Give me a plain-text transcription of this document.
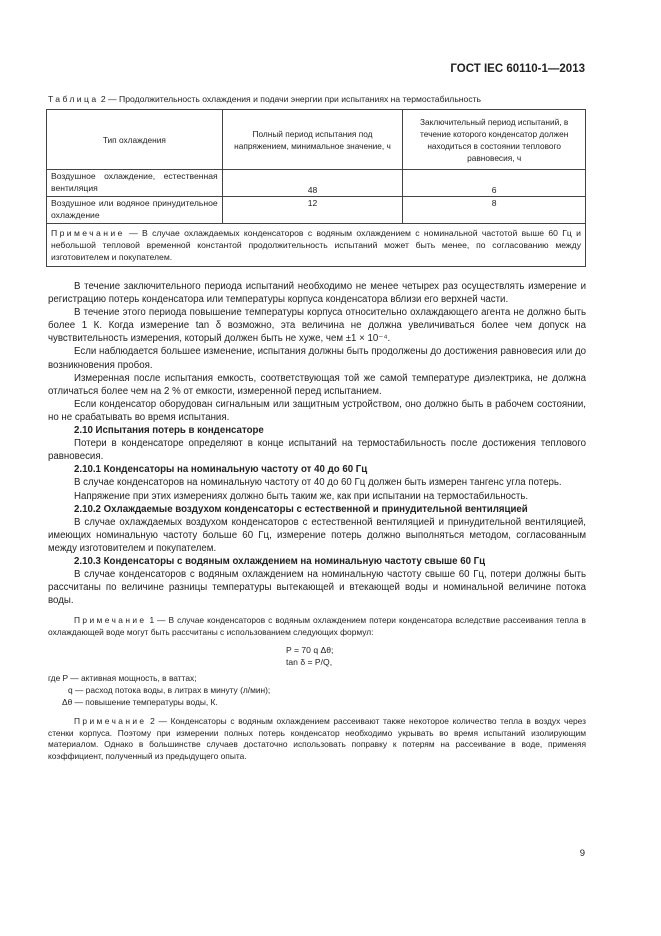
ГОСТ IEC 60110-1—2013
Таблица 2 — Продолжительность охлаждения и подачи энергии при испытаниях на термостабильность
Тип охлаждения	Полный период испытания под напряжением, минимальное значение, ч	Заключительный период испытаний, в течение которого конденсатор должен находиться в состоянии теплового равновесия, ч
Воздушное охлаждение, естественная вентиляция	48	6
Воздушное или водяное принудительное охлаждение	12	8
Примечание — В случае охлаждаемых конденсаторов с водяным охлаждением с номинальной частотой выше 60 Гц и небольшой тепловой временной константой продолжительность испытаний может быть менее, по согласованию между изготовителем и покупателем.		

В течение заключительного периода испытаний необходимо не менее четырех раз осуществлять измерение и регистрацию потерь конденсатора или температуры корпуса конденсатора вблизи его верхней части.

В течение этого периода повышение температуры корпуса относительно охлаждающего агента не должно быть более 1 К. Когда измерение tan δ возможно, эта величина не должна увеличиваться более чем допуск на чувствительность измерения, который должен быть не хуже, чем ±1 × 10⁻⁴.

Если наблюдается большее изменение, испытания должны быть продолжены до достижения равновесия или до возникновения пробоя.

Измеренная после испытания емкость, соответствующая той же самой температуре диэлектрика, не должна отличаться более чем на 2 % от емкости, измеренной перед испытанием.

Если конденсатор оборудован сигнальным или защитным устройством, оно должно быть в рабочем состоянии, но не срабатывать во время испытания.

2.10 Испытания потерь в конденсаторе

Потери в конденсаторе определяют в конце испытаний на термостабильность после достижения теплового равновесия.

2.10.1 Конденсаторы на номинальную частоту от 40 до 60 Гц

В случае конденсаторов на номинальную частоту от 40 до 60 Гц должен быть измерен тангенс угла потерь.

Напряжение при этих измерениях должно быть таким же, как при испытании на термостабильность.

2.10.2 Охлаждаемые воздухом конденсаторы с естественной и принудительной вентиляцией

В случае охлаждаемых воздухом конденсаторов с естественной вентиляцией и принудительной вентиляцией, имеющих номинальную частоту больше 60 Гц, измерение потерь должно выполняться методом, согласованным между изготовителем и покупателем.

2.10.3 Конденсаторы с водяным охлаждением на номинальную частоту свыше 60 Гц

В случае конденсаторов с водяным охлаждением на номинальную частоту свыше 60 Гц, потери должны быть рассчитаны по величине разницы температуры вытекающей и втекающей воды и номинальной величине потока воды.

Примечание 1 — В случае конденсаторов с водяным охлаждением потери конденсатора вследствие рассеивания тепла в охлаждающей воде могут быть рассчитаны с использованием следующих формул:

P = 70 q Δθ;
tan δ = P/Q,
где P — активная мощность, в ваттах;
q — расход потока воды, в литрах в минуту (л/мин);
Δθ — повышение температуры воды, К.

Примечание 2 — Конденсаторы с водяным охлаждением рассеивают также некоторое количество тепла в воздух через стенки корпуса. Поэтому при измерении полных потерь конденсатор необходимо укрывать во время испытаний изолирующим материалом. Однако в большинстве случаев достаточно использовать поправку к потерям на рассеивание в воде, применяя коэффициент, полученный из предыдущего опыта.

9
